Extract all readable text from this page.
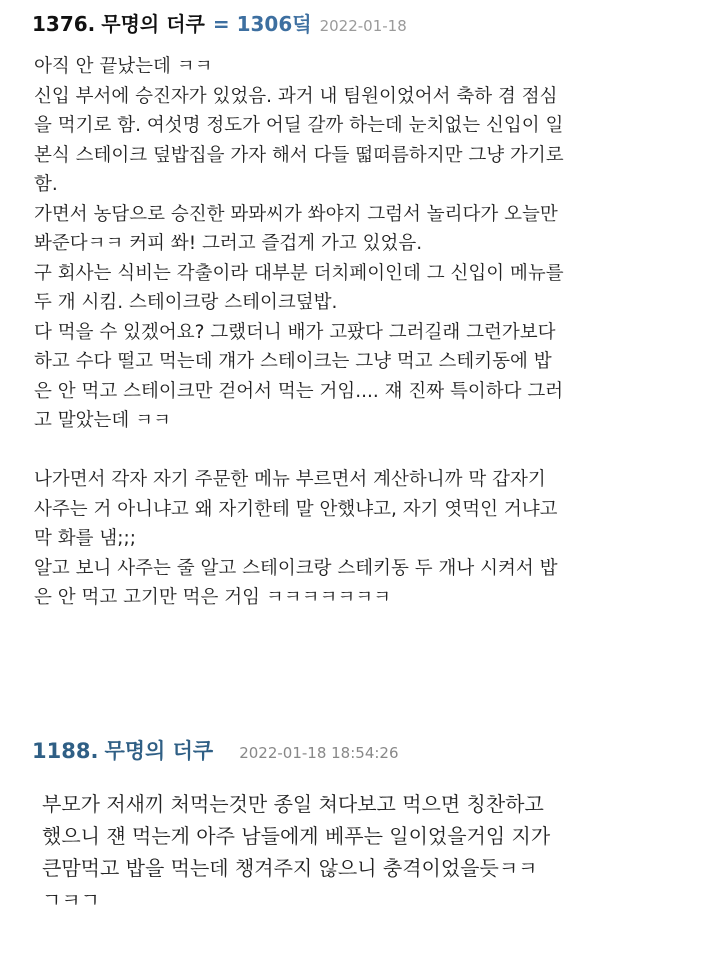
1376. 무명의 더쿠 = 1306덬 2022-01-18
아직 안 끝났는데 ㅋㅋ
신입 부서에 승진자가 있었음. 과거 내 팀원이었어서 축하 겸 점심
을 먹기로 함. 여섯명 정도가 어딜 갈까 하는데 눈치없는 신입이 일
본식 스테이크 덮밥집을 가자 해서 다들 떫떠름하지만 그냥 가기로
함.
가면서 농담으로 승진한 뫄뫄씨가 쏴야지 그럼서 놀리다가 오늘만
봐준다ㅋㅋ 커피 쏴! 그러고 즐겁게 가고 있었음.
구 회사는 식비는 각출이라 대부분 더치페이인데 그 신입이 메뉴를
두 개 시킴. 스테이크랑 스테이크덮밥.
다 먹을 수 있겠어요? 그랬더니 배가 고팠다 그러길래 그런가보다
하고 수다 떨고 먹는데 걔가 스테이크는 그냥 먹고 스테키동에 밥
은 안 먹고 스테이크만 걷어서 먹는 거임.... 쟤 진짜 특이하다 그러
고 말았는데 ㅋㅋ
나가면서 각자 자기 주문한 메뉴 부르면서 계산하니까 막 갑자기
사주는 거 아니냐고 왜 자기한테 말 안했냐고, 자기 엿먹인 거냐고
막 화를 냄;;;
알고 보니 사주는 줄 알고 스테이크랑 스테키동 두 개나 시켜서 밥
은 안 먹고 고기만 먹은 거임 ㅋㅋㅋㅋㅋㅋㅋ
1188. 무명의 더쿠 2022-01-18 18:54:26
부모가 저새끼 처먹는것만 종일 쳐다보고 먹으면 칭찬하고
했으니 쟨 먹는게 아주 남들에게 베푸는 일이었을거임 지가
큰맘먹고 밥을 먹는데 챙겨주지 않으니 충격이었을듯ㅋㅋ
ㄱㅋㄱ
